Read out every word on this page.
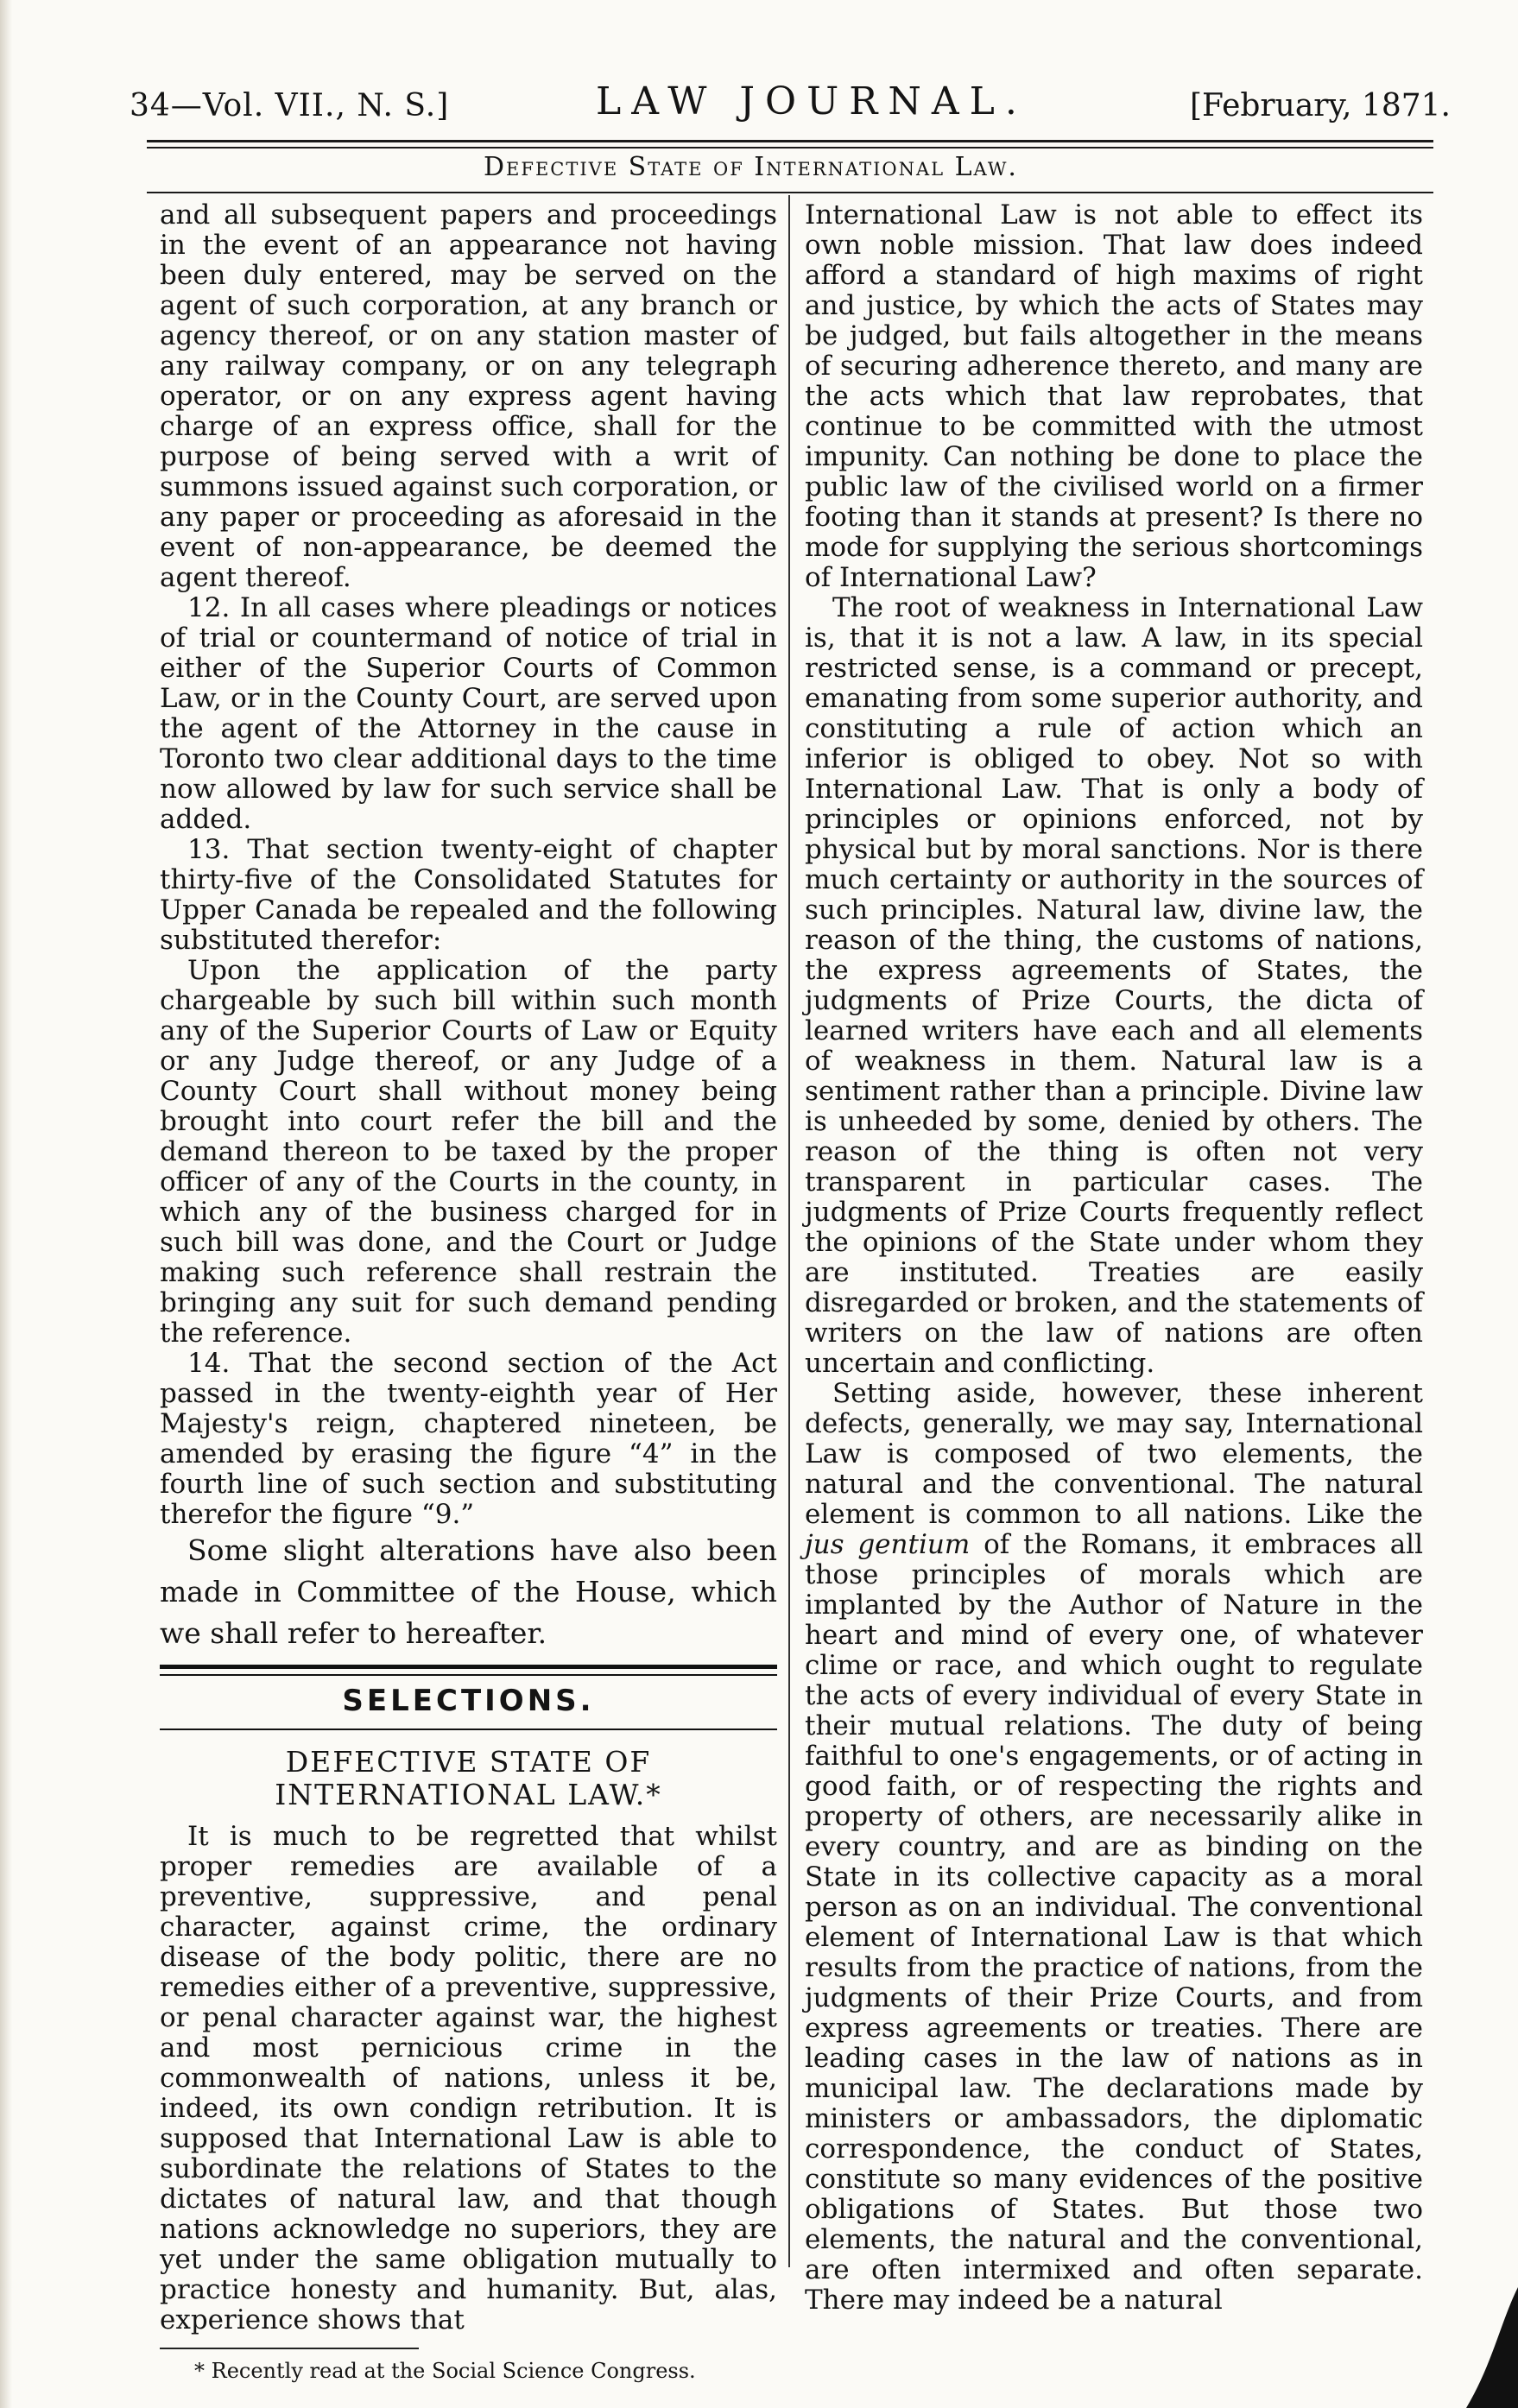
34—Vol. VII., N. S.]	LAW JOURNAL.	[February, 1871.
Defective State of International Law.

and all subsequent papers and proceedings in the event of an appearance not having been duly entered, may be served on the agent of such corporation, at any branch or agency thereof, or on any station master of any railway company, or on any telegraph operator, or on any express agent having charge of an express office, shall for the purpose of being served with a writ of summons issued against such corporation, or any paper or proceeding as aforesaid in the event of non-appearance, be deemed the agent thereof.

12. In all cases where pleadings or notices of trial or countermand of notice of trial in either of the Superior Courts of Common Law, or in the County Court, are served upon the agent of the Attorney in the cause in Toronto two clear additional days to the time now allowed by law for such service shall be added.

13. That section twenty-eight of chapter thirty-five of the Consolidated Statutes for Upper Canada be repealed and the following substituted therefor:

Upon the application of the party chargeable by such bill within such month any of the Superior Courts of Law or Equity or any Judge thereof, or any Judge of a County Court shall without money being brought into court refer the bill and the demand thereon to be taxed by the proper officer of any of the Courts in the county, in which any of the business charged for in such bill was done, and the Court or Judge making such reference shall restrain the bringing any suit for such demand pending the reference.

14. That the second section of the Act passed in the twenty-eighth year of Her Majesty's reign, chaptered nineteen, be amended by erasing the figure “4” in the fourth line of such section and substituting therefor the figure “9.”

Some slight alterations have also been made in Committee of the House, which we shall refer to hereafter.

SELECTIONS.
DEFECTIVE STATE OF INTERNATIONAL LAW.*

It is much to be regretted that whilst proper remedies are available of a preventive, suppressive, and penal character, against crime, the ordinary disease of the body politic, there are no remedies either of a preventive, suppressive, or penal character against war, the highest and most pernicious crime in the commonwealth of nations, unless it be, indeed, its own condign retribution. It is supposed that International Law is able to subordinate the relations of States to the dictates of natural law, and that though nations acknowledge no superiors, they are yet under the same obligation mutually to practice honesty and humanity. But, alas, experience shows that

* Recently read at the Social Science Congress.

International Law is not able to effect its own noble mission. That law does indeed afford a standard of high maxims of right and justice, by which the acts of States may be judged, but fails altogether in the means of securing adherence thereto, and many are the acts which that law reprobates, that continue to be committed with the utmost impunity. Can nothing be done to place the public law of the civilised world on a firmer footing than it stands at present? Is there no mode for supplying the serious shortcomings of International Law?

The root of weakness in International Law is, that it is not a law. A law, in its special restricted sense, is a command or precept, emanating from some superior authority, and constituting a rule of action which an inferior is obliged to obey. Not so with International Law. That is only a body of principles or opinions enforced, not by physical but by moral sanctions. Nor is there much certainty or authority in the sources of such principles. Natural law, divine law, the reason of the thing, the customs of nations, the express agreements of States, the judgments of Prize Courts, the dicta of learned writers have each and all elements of weakness in them. Natural law is a sentiment rather than a principle. Divine law is unheeded by some, denied by others. The reason of the thing is often not very transparent in particular cases. The judgments of Prize Courts frequently reflect the opinions of the State under whom they are instituted. Treaties are easily disregarded or broken, and the statements of writers on the law of nations are often uncertain and conflicting.

Setting aside, however, these inherent defects, generally, we may say, International Law is composed of two elements, the natural and the conventional. The natural element is common to all nations. Like the jus gentium of the Romans, it embraces all those principles of morals which are implanted by the Author of Nature in the heart and mind of every one, of whatever clime or race, and which ought to regulate the acts of every individual of every State in their mutual relations. The duty of being faithful to one's engagements, or of acting in good faith, or of respecting the rights and property of others, are necessarily alike in every country, and are as binding on the State in its collective capacity as a moral person as on an individual. The conventional element of International Law is that which results from the practice of nations, from the judgments of their Prize Courts, and from express agreements or treaties. There are leading cases in the law of nations as in municipal law. The declarations made by ministers or ambassadors, the diplomatic correspondence, the conduct of States, constitute so many evidences of the positive obligations of States. But those two elements, the natural and the conventional, are often intermixed and often separate. There may indeed be a natural
